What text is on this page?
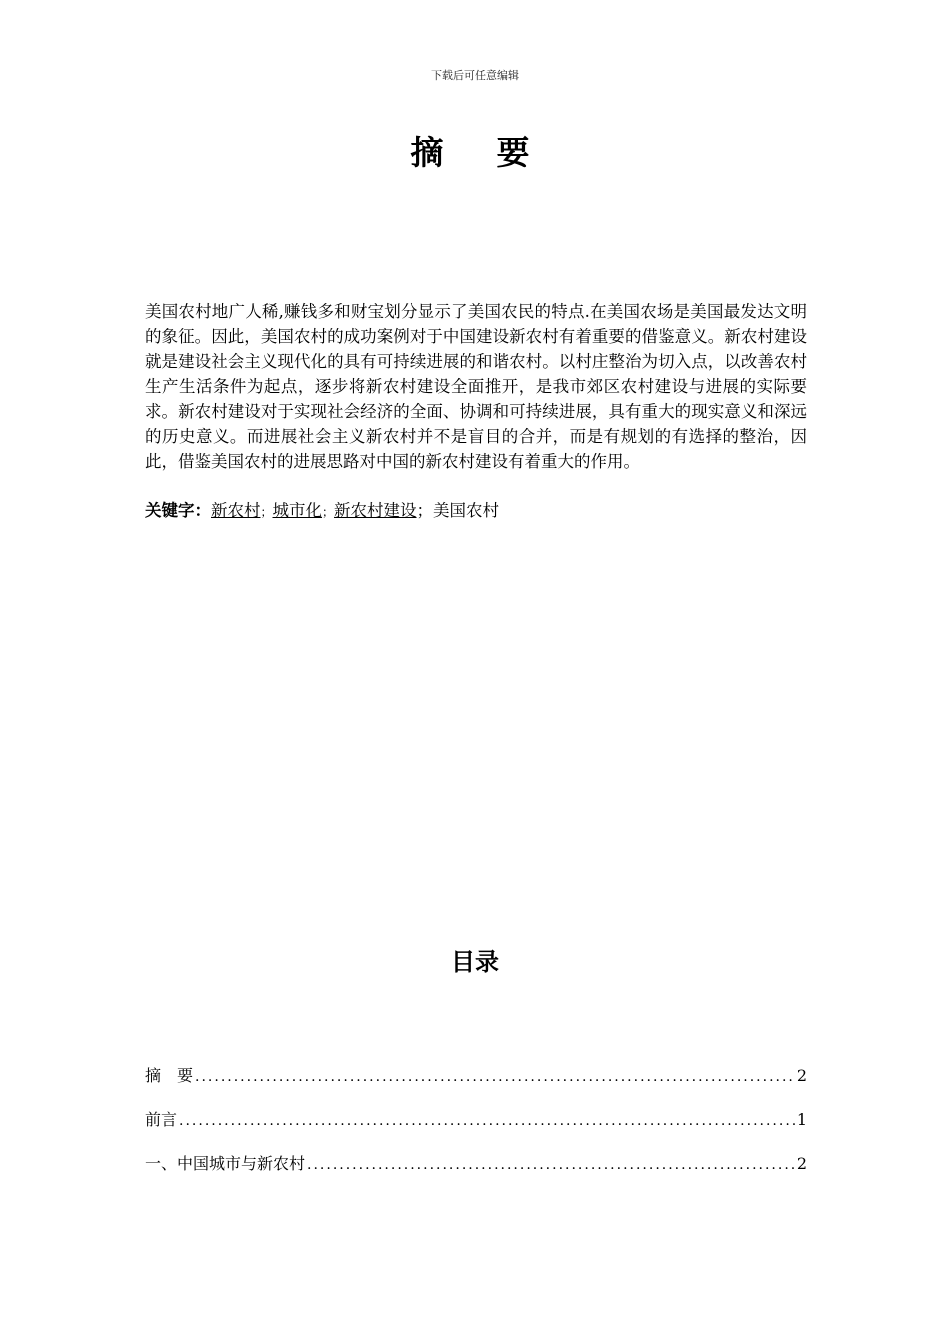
下载后可任意编辑
摘　要

美国农村地广人稀,赚钱多和财宝划分显示了美国农民的特点.在美国农场是美国最发达文明的象征。因此，美国农村的成功案例对于中国建设新农村有着重要的借鉴意义。新农村建设就是建设社会主义现代化的具有可持续进展的和谐农村。以村庄整治为切入点，以改善农村生产生活条件为起点，逐步将新农村建设全面推开，是我市郊区农村建设与进展的实际要求。新农村建设对于实现社会经济的全面、协调和可持续进展，具有重大的现实意义和深远的历史意义。而进展社会主义新农村并不是盲目的合并，而是有规划的有选择的整治，因此，借鉴美国农村的进展思路对中国的新农村建设有着重大的作用。

关键字：新农村；城市化；新农村建设；美国农村
目录
摘　要 .....	2
前言 .....	1
一、中国城市与新农村 .....	2
